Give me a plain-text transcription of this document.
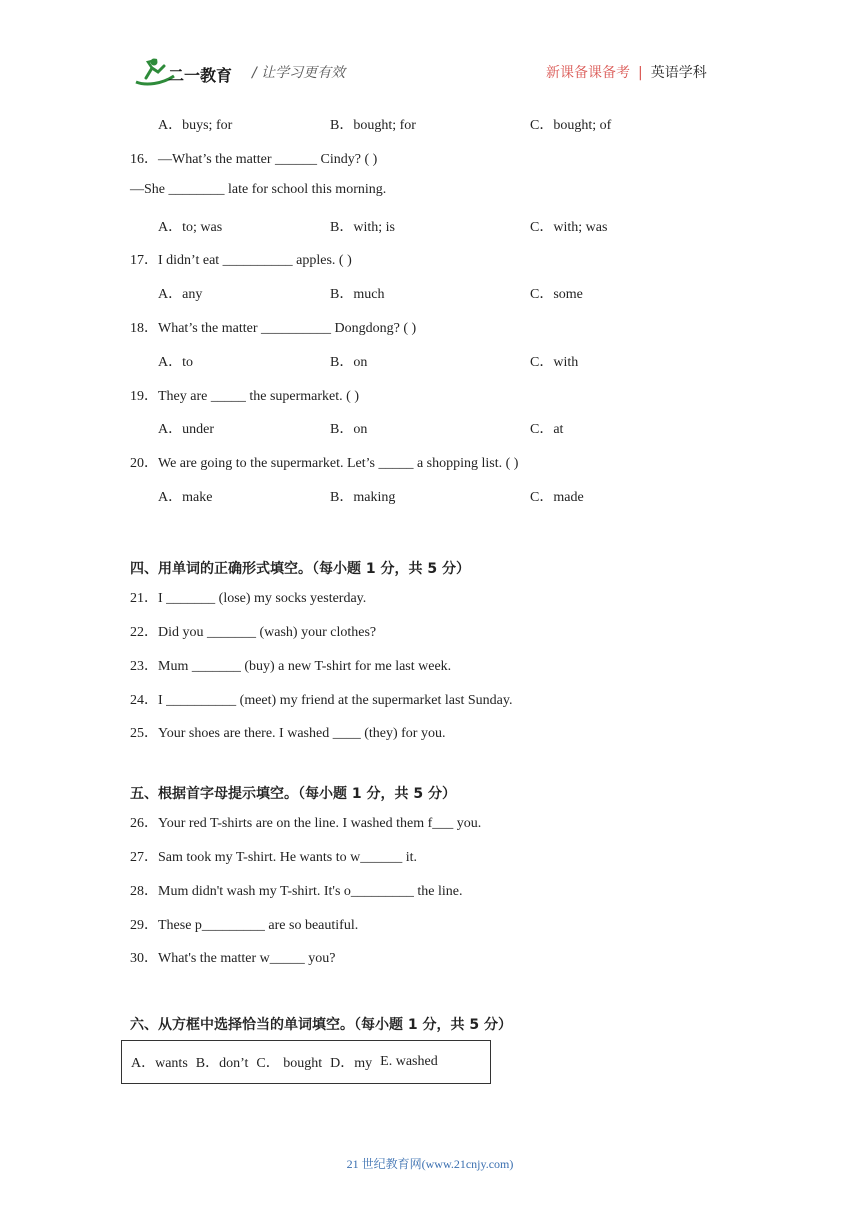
二一教育 / 让学习更有效	新课备课备考 | 英语学科
A．buys; for	B．bought; for	C．bought; of
16．—What’s the matter ______ Cindy? ( )
—She ________ late for school this morning.
A．to; was	B．with; is	C．with; was
17．I didn’t eat __________ apples. ( )
A．any	B．much	C．some
18．What’s the matter __________ Dongdong? ( )
A．to	B．on	C．with
19．They are _____ the supermarket. ( )
A．under	B．on	C．at
20．We are going to the supermarket. Let’s _____ a shopping list. ( )
A．make	B．making	C．made
四、用单词的正确形式填空。（每小题 1 分，共 5 分）
21．I _______ (lose) my socks yesterday.
22．Did you _______ (wash) your clothes?
23．Mum _______ (buy) a new T-shirt for me last week.
24．I __________ (meet) my friend at the supermarket last Sunday.
25．Your shoes are there. I washed ____ (they) for you.
五、根据首字母提示填空。（每小题 1 分，共 5 分）
26．Your red T-shirts are on the line. I washed them f___ you.
27．Sam took my T-shirt. He wants to w______ it.
28．Mum didn't wash my T-shirt. It's o_________ the line.
29．These p_________ are so beautiful.
30．What's the matter w_____ you?
六、从方框中选择恰当的单词填空。（每小题 1 分，共 5 分）
A．wants B．don’t C． bought D．my E. washed
21 世纪教育网(www.21cnjy.com)
